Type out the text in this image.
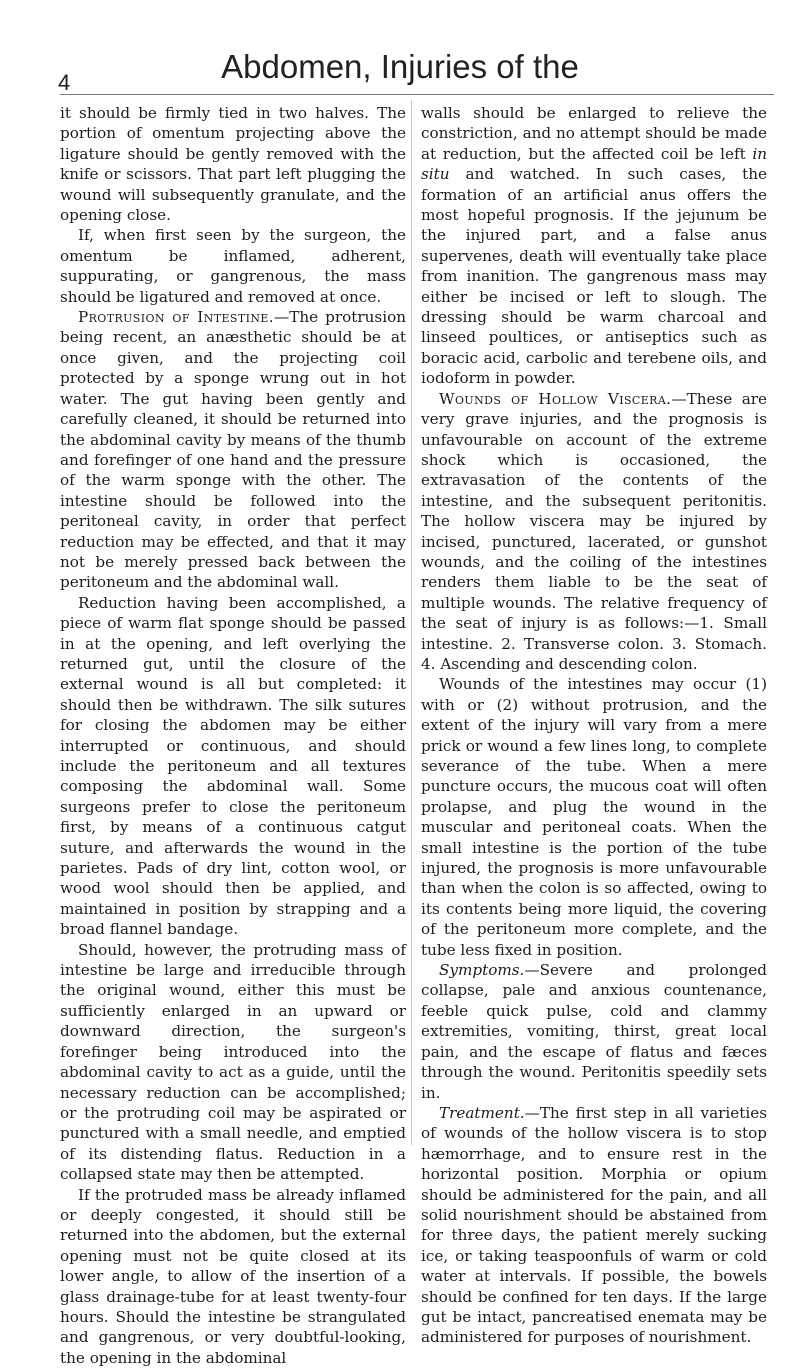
4	Abdomen, Injuries of the

it should be firmly tied in two halves. The portion of omentum projecting above the ligature should be gently removed with the knife or scissors. That part left plugging the wound will subsequently granulate, and the opening close.

If, when first seen by the surgeon, the omentum be inflamed, adherent, suppurating, or gangrenous, the mass should be ligatured and removed at once.

Protrusion of Intestine.—The protrusion being recent, an anæsthetic should be at once given, and the projecting coil protected by a sponge wrung out in hot water. The gut having been gently and carefully cleaned, it should be returned into the abdominal cavity by means of the thumb and forefinger of one hand and the pressure of the warm sponge with the other. The intestine should be followed into the peritoneal cavity, in order that perfect reduction may be effected, and that it may not be merely pressed back between the peritoneum and the abdominal wall.

Reduction having been accomplished, a piece of warm flat sponge should be passed in at the opening, and left overlying the returned gut, until the closure of the external wound is all but completed: it should then be withdrawn. The silk sutures for closing the abdomen may be either interrupted or continuous, and should include the peritoneum and all textures composing the abdominal wall. Some surgeons prefer to close the peritoneum first, by means of a continuous catgut suture, and afterwards the wound in the parietes. Pads of dry lint, cotton wool, or wood wool should then be applied, and maintained in position by strapping and a broad flannel bandage.

Should, however, the protruding mass of intestine be large and irreducible through the original wound, either this must be sufficiently enlarged in an upward or downward direction, the surgeon's forefinger being introduced into the abdominal cavity to act as a guide, until the necessary reduction can be accomplished; or the protruding coil may be aspirated or punctured with a small needle, and emptied of its distending flatus. Reduction in a collapsed state may then be attempted.

If the protruded mass be already inflamed or deeply congested, it should still be returned into the abdomen, but the external opening must not be quite closed at its lower angle, to allow of the insertion of a glass drainage-tube for at least twenty-four hours. Should the intestine be strangulated and gangrenous, or very doubtful-looking, the opening in the abdominal

walls should be enlarged to relieve the constriction, and no attempt should be made at reduction, but the affected coil be left in situ and watched. In such cases, the formation of an artificial anus offers the most hopeful prognosis. If the jejunum be the injured part, and a false anus supervenes, death will eventually take place from inanition. The gangrenous mass may either be incised or left to slough. The dressing should be warm charcoal and linseed poultices, or antiseptics such as boracic acid, carbolic and terebene oils, and iodoform in powder.

Wounds of Hollow Viscera.—These are very grave injuries, and the prognosis is unfavourable on account of the extreme shock which is occasioned, the extravasation of the contents of the intestine, and the subsequent peritonitis. The hollow viscera may be injured by incised, punctured, lacerated, or gunshot wounds, and the coiling of the intestines renders them liable to be the seat of multiple wounds. The relative frequency of the seat of injury is as follows:—1. Small intestine. 2. Transverse colon. 3. Stomach. 4. Ascending and descending colon.

Wounds of the intestines may occur (1) with or (2) without protrusion, and the extent of the injury will vary from a mere prick or wound a few lines long, to complete severance of the tube. When a mere puncture occurs, the mucous coat will often prolapse, and plug the wound in the muscular and peritoneal coats. When the small intestine is the portion of the tube injured, the prognosis is more unfavourable than when the colon is so affected, owing to its contents being more liquid, the covering of the peritoneum more complete, and the tube less fixed in position.

Symptoms.—Severe and prolonged collapse, pale and anxious countenance, feeble quick pulse, cold and clammy extremities, vomiting, thirst, great local pain, and the escape of flatus and fæces through the wound. Peritonitis speedily sets in.

Treatment.—The first step in all varieties of wounds of the hollow viscera is to stop hæmorrhage, and to ensure rest in the horizontal position. Morphia or opium should be administered for the pain, and all solid nourishment should be abstained from for three days, the patient merely sucking ice, or taking teaspoonfuls of warm or cold water at intervals. If possible, the bowels should be confined for ten days. If the large gut be intact, pancreatised enemata may be administered for purposes of nourishment.
